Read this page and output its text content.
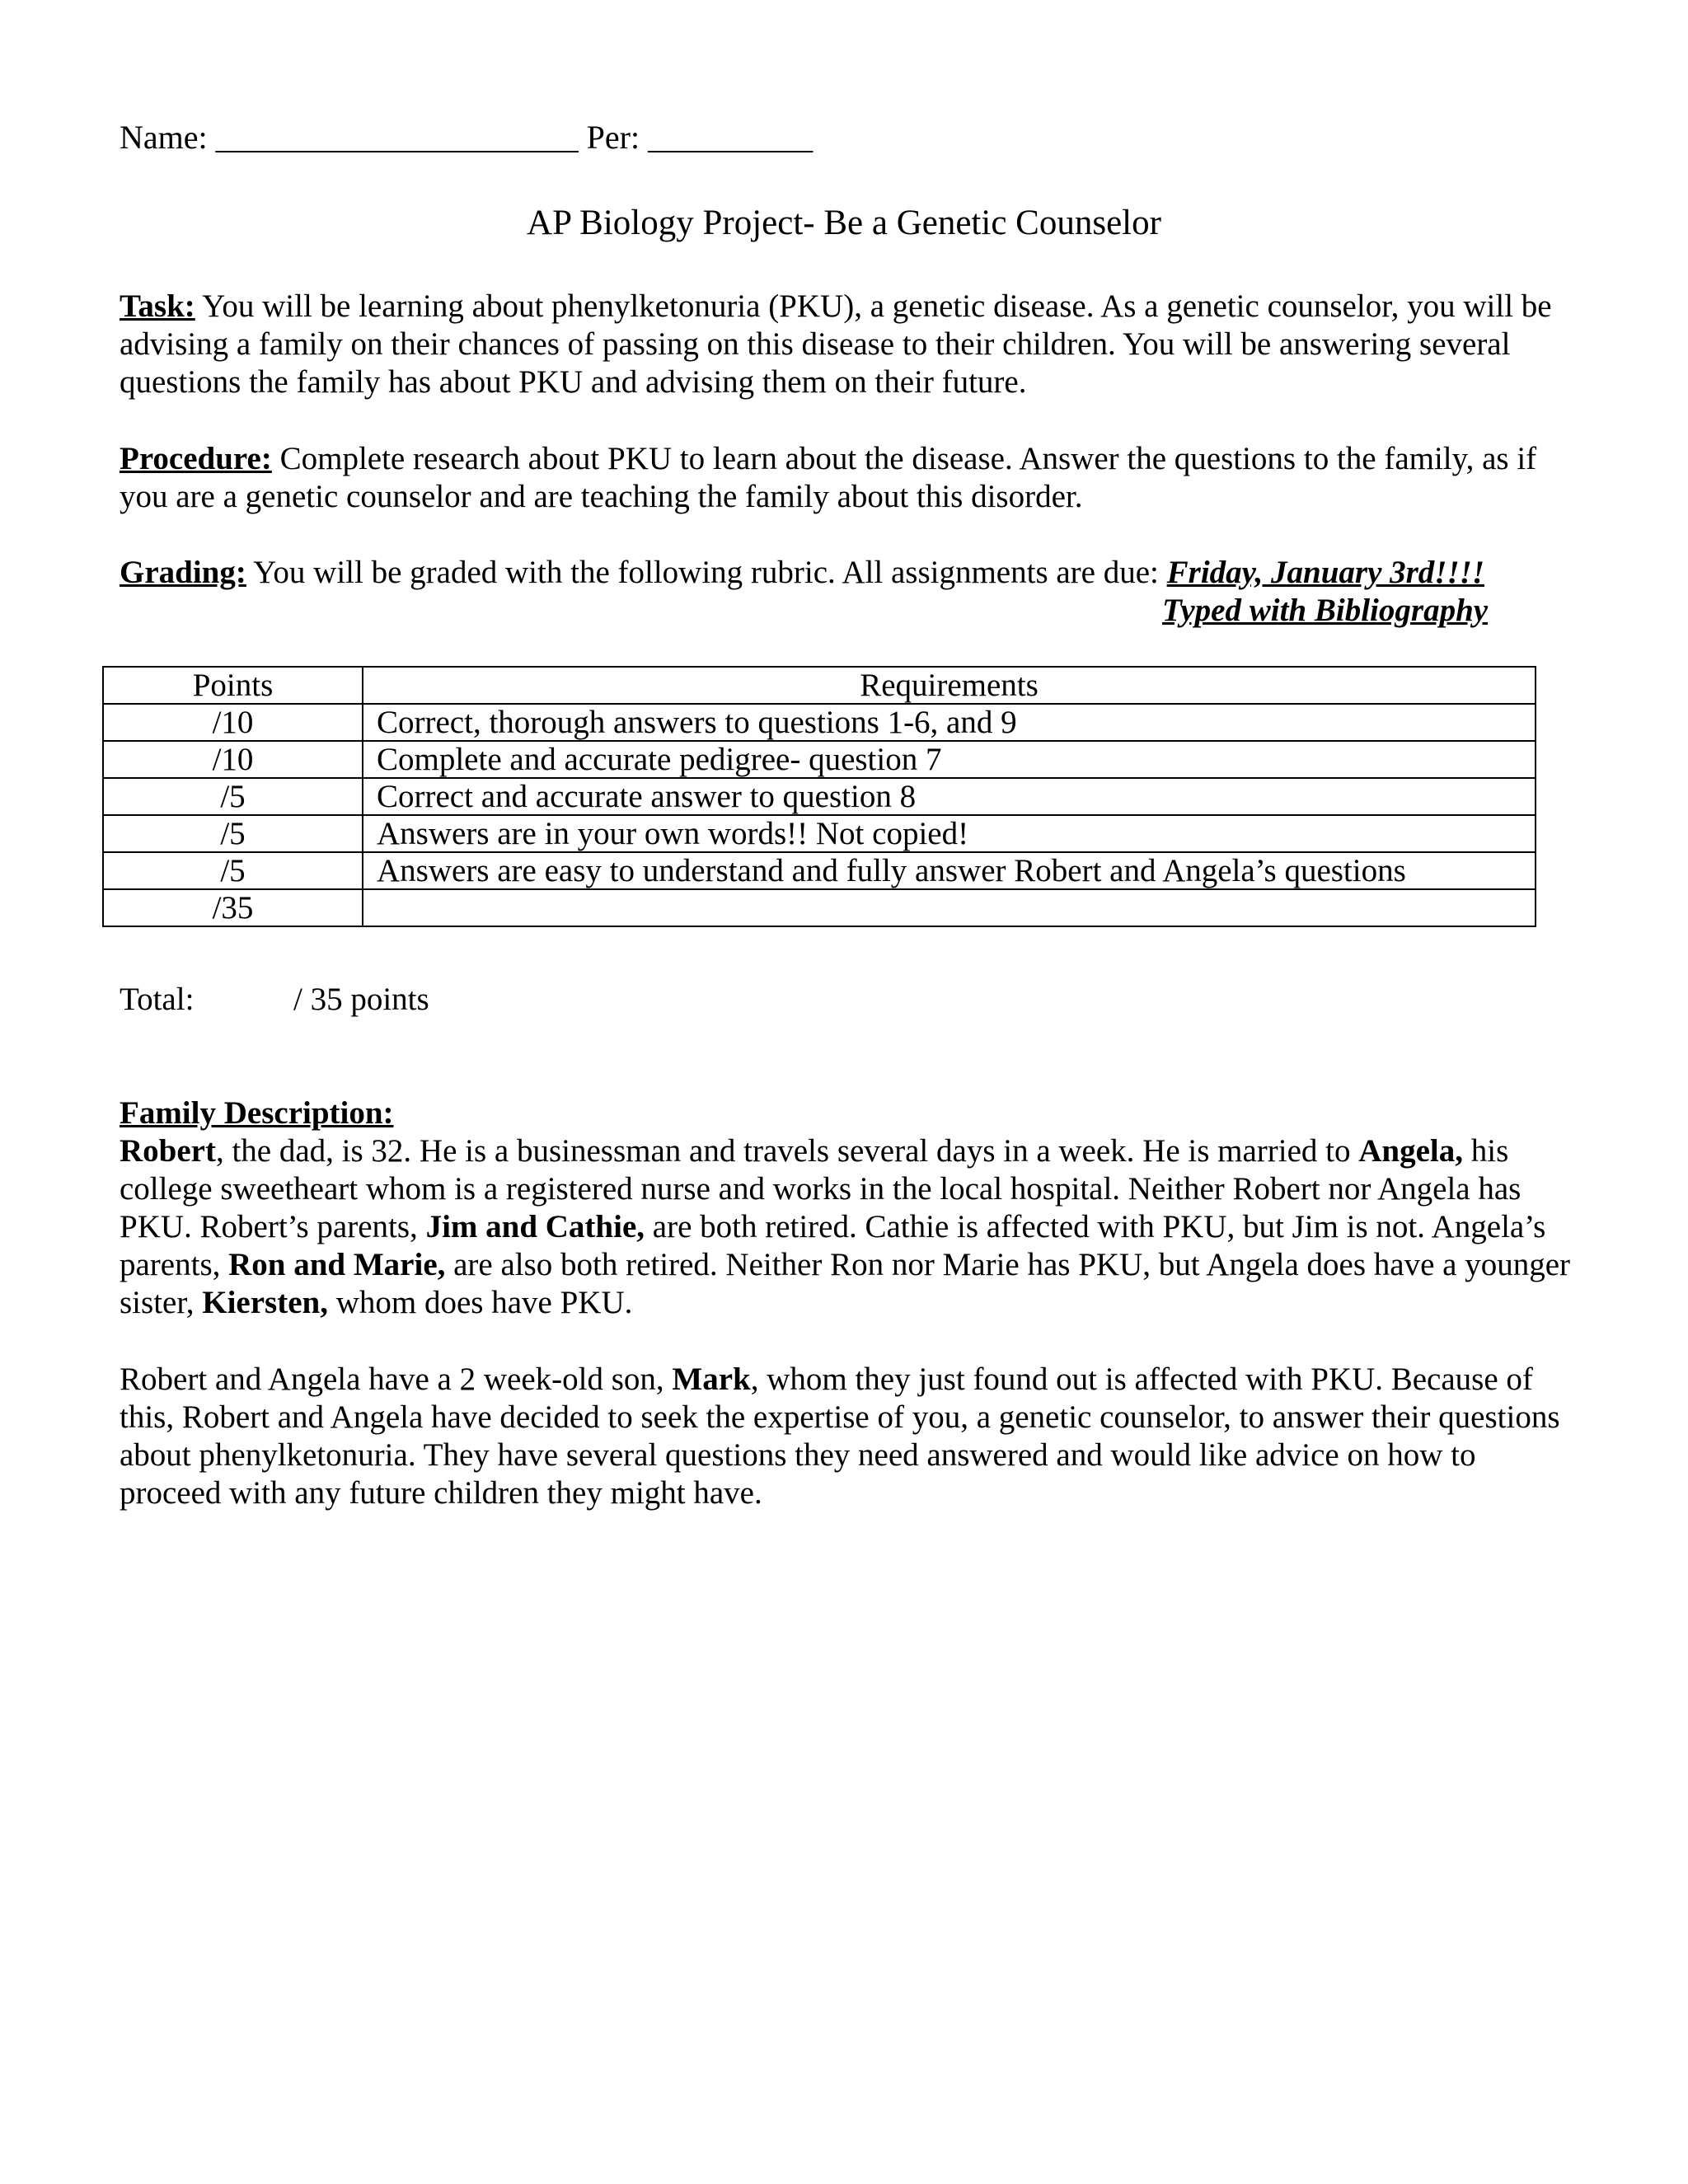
Name: ______________________ Per: __________
AP Biology Project- Be a Genetic Counselor

Task: You will be learning about phenylketonuria (PKU), a genetic disease. As a genetic counselor, you will be advising a family on their chances of passing on this disease to their children. You will be answering several questions the family has about PKU and advising them on their future.

Procedure: Complete research about PKU to learn about the disease. Answer the questions to the family, as if you are a genetic counselor and are teaching the family about this disorder.

Grading: You will be graded with the following rubric. All assignments are due: Friday, January 3rd!!!!

Typed with Bibliography
Points	Requirements
/10	Correct, thorough answers to questions 1-6, and 9
/10	Complete and accurate pedigree- question 7
/5	Correct and accurate answer to question 8
/5	Answers are in your own words!! Not copied!
/5	Answers are easy to understand and fully answer Robert and Angela’s questions
/35	
Total:	/ 35 points
Family Description:

Robert, the dad, is 32. He is a businessman and travels several days in a week. He is married to Angela, his college sweetheart whom is a registered nurse and works in the local hospital. Neither Robert nor Angela has PKU. Robert’s parents, Jim and Cathie, are both retired. Cathie is affected with PKU, but Jim is not. Angela’s parents, Ron and Marie, are also both retired. Neither Ron nor Marie has PKU, but Angela does have a younger sister, Kiersten, whom does have PKU.

Robert and Angela have a 2 week-old son, Mark, whom they just found out is affected with PKU. Because of this, Robert and Angela have decided to seek the expertise of you, a genetic counselor, to answer their questions about phenylketonuria. They have several questions they need answered and would like advice on how to proceed with any future children they might have.
